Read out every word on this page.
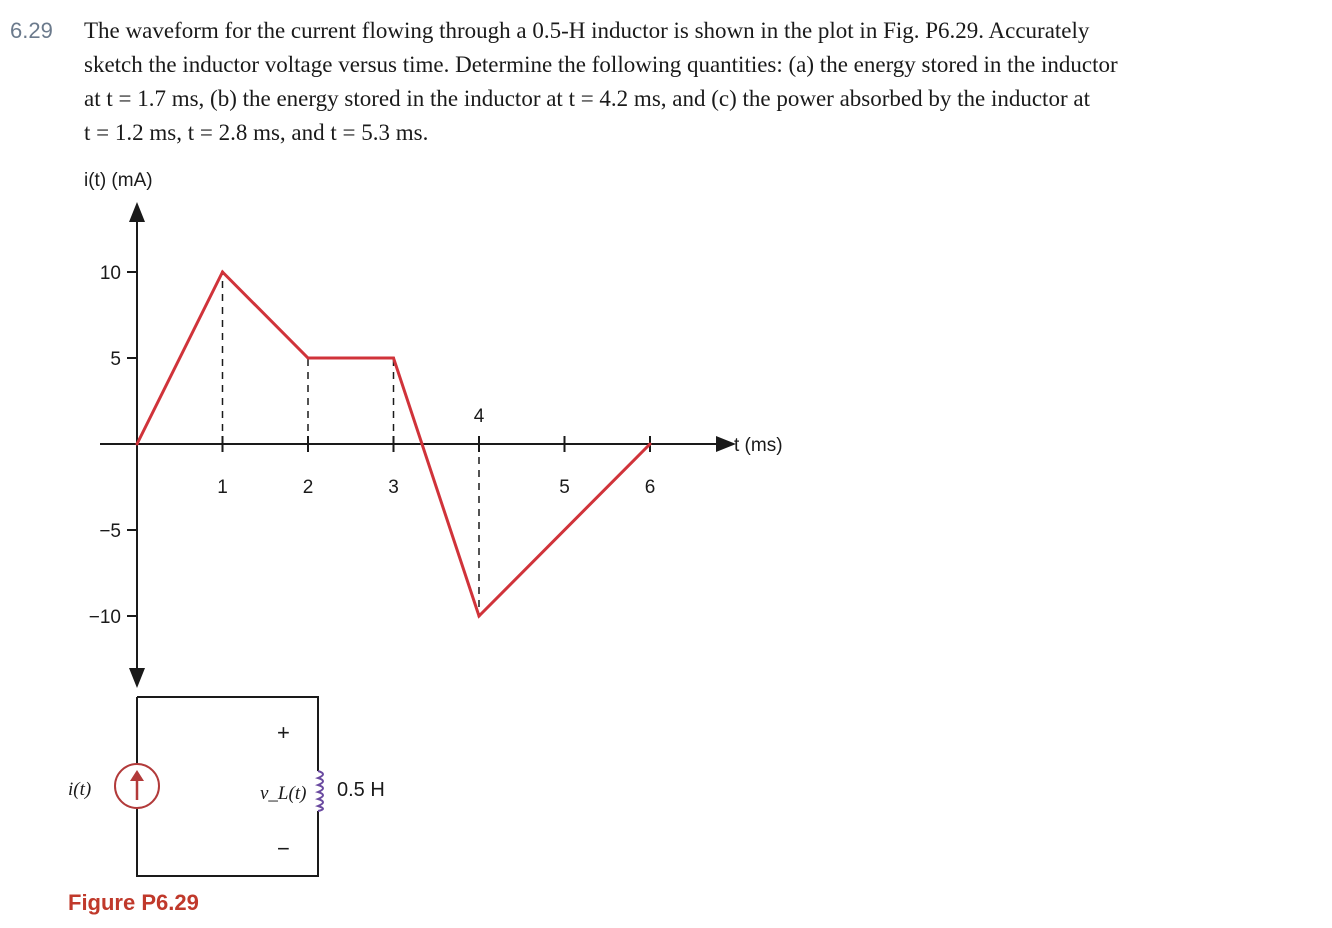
6.29 The waveform for the current flowing through a 0.5-H inductor is shown in the plot in Fig. P6.29. Accurately
sketch the inductor voltage versus time. Determine the following quantities: (a) the energy stored in the inductor
at t = 1.7 ms, (b) the energy stored in the inductor at t = 4.2 ms, and (c) the power absorbed by the inductor at
t = 1.2 ms, t = 2.8 ms, and t = 5.3 ms.
i(t) (mA)
t (ms)
10
5
−5
−10
1	2	3
4
5	6
i(t)
+
v_L(t)
−
0.5 H
Figure P6.29
